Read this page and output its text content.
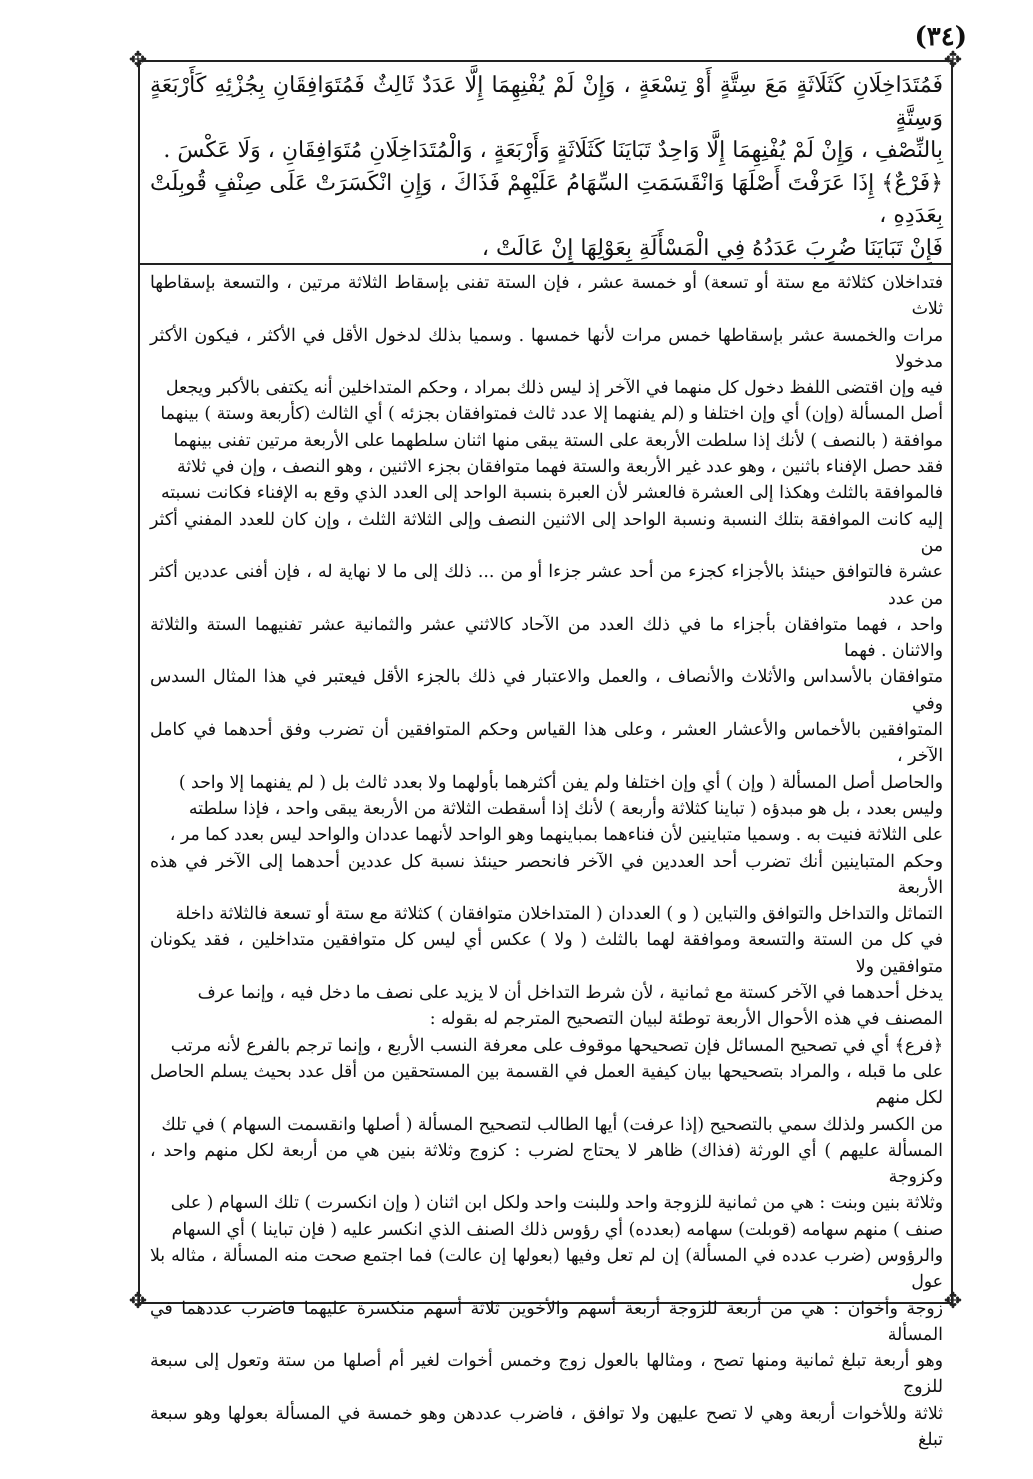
(٣٤)
✥	✥
✥	✥

فَمُتَدَاخِلَانِ كَثَلَاثَةٍ مَعَ سِتَّةٍ أَوْ تِسْعَةٍ ، وَإِنْ لَمْ يُفْنِهِمَا إِلَّا عَدَدٌ ثَالِثٌ فَمُتَوَافِقَانِ بِجُزْئِهِ كَأَرْبَعَةٍ وَسِتَّةٍ

بِالنِّصْفِ ، وَإِنْ لَمْ يُفْنِهِمَا إِلَّا وَاحِدٌ تَبَايَنَا كَثَلَاثَةٍ وَأَرْبَعَةٍ ، وَالْمُتَدَاخِلَانِ مُتَوَافِقَانِ ، وَلَا عَكْسَ .

﴿فَرْعٌ﴾ إِذَا عَرَفْتَ أَصْلَهَا وَانْقَسَمَتِ السِّهَامُ عَلَيْهِمْ فَذَاكَ ، وَإِنِ انْكَسَرَتْ عَلَى صِنْفٍ قُوبِلَتْ بِعَدَدِهِ ،

فَإِنْ تَبَايَنَا ضُرِبَ عَدَدُهُ فِي الْمَسْأَلَةِ بِعَوْلِهَا إِنْ عَالَتْ ،

فتداخلان كثلاثة مع ستة أو تسعة) أو خمسة عشر ، فإن الستة تفنى بإسقاط الثلاثة مرتين ، والتسعة بإسقاطها ثلاث

مرات والخمسة عشر بإسقاطها خمس مرات لأنها خمسها . وسميا بذلك لدخول الأقل في الأكثر ، فيكون الأكثر مدخولا

فيه وإن اقتضى اللفظ دخول كل منهما في الآخر إذ ليس ذلك بمراد ، وحكم المتداخلين أنه يكتفى بالأكبر ويجعل

أصل المسألة (وإن) أي وإن اختلفا و (لم يفنهما إلا عدد ثالث فمتوافقان بجزئه ) أي الثالث (كأربعة وستة ) بينهما

موافقة ( بالنصف ) لأنك إذا سلطت الأربعة على الستة يبقى منها اثنان سلطهما على الأربعة مرتين تفنى بينهما

فقد حصل الإفناء باثنين ، وهو عدد غير الأربعة والستة فهما متوافقان بجزء الاثنين ، وهو النصف ، وإن في ثلاثة

فالموافقة بالثلث وهكذا إلى العشرة فالعشر لأن العبرة بنسبة الواحد إلى العدد الذي وقع به الإفناء فكانت نسبته

إليه كانت الموافقة بتلك النسبة ونسبة الواحد إلى الاثنين النصف وإلى الثلاثة الثلث ، وإن كان للعدد المفني أكثر من

عشرة فالتوافق حينئذ بالأجزاء كجزء من أحد عشر جزءا أو من ... ذلك إلى ما لا نهاية له ، فإن أفنى عددين أكثر من عدد

واحد ، فهما متوافقان بأجزاء ما في ذلك العدد من الآحاد كالاثني عشر والثمانية عشر تفنيهما الستة والثلاثة والاثنان . فهما

متوافقان بالأسداس والأثلاث والأنصاف ، والعمل والاعتبار في ذلك بالجزء الأقل فيعتبر في هذا المثال السدس وفي

المتوافقين بالأخماس والأعشار العشر ، وعلى هذا القياس وحكم المتوافقين أن تضرب وفق أحدهما في كامل الآخر ،

والحاصل أصل المسألة ( وإن ) أي وإن اختلفا ولم يفن أكثرهما بأولهما ولا بعدد ثالث بل ( لم يفنهما إلا واحد )

وليس بعدد ، بل هو مبدؤه ( تباينا كثلاثة وأربعة ) لأنك إذا أسقطت الثلاثة من الأربعة يبقى واحد ، فإذا سلطته

على الثلاثة فنيت به . وسميا متباينين لأن فناءهما بمباينهما وهو الواحد لأنهما عددان والواحد ليس بعدد كما مر ،

وحكم المتباينين أنك تضرب أحد العددين في الآخر فانحصر حينئذ نسبة كل عددين أحدهما إلى الآخر في هذه الأربعة

التماثل والتداخل والتوافق والتباين ( و ) العددان ( المتداخلان متوافقان ) كثلاثة مع ستة أو تسعة فالثلاثة داخلة

في كل من الستة والتسعة وموافقة لهما بالثلث ( ولا ) عكس أي ليس كل متوافقين متداخلين ، فقد يكونان متوافقين ولا

يدخل أحدهما في الآخر كستة مع ثمانية ، لأن شرط التداخل أن لا يزيد على نصف ما دخل فيه ، وإنما عرف

المصنف في هذه الأحوال الأربعة توطئة لبيان التصحيح المترجم له بقوله :

﴿فرع﴾ أي في تصحيح المسائل فإن تصحيحها موقوف على معرفة النسب الأربع ، وإنما ترجم بالفرع لأنه مرتب

على ما قبله ، والمراد بتصحيحها بيان كيفية العمل في القسمة بين المستحقين من أقل عدد بحيث يسلم الحاصل لكل منهم

من الكسر ولذلك سمي بالتصحيح (إذا عرفت) أيها الطالب لتصحيح المسألة ( أصلها وانقسمت السهام ) في تلك

المسألة عليهم ) أي الورثة (فذاك) ظاهر لا يحتاج لضرب : كزوج وثلاثة بنين هي من أربعة لكل منهم واحد ، وكزوجة

وثلاثة بنين وبنت : هي من ثمانية للزوجة واحد وللبنت واحد ولكل ابن اثنان ( وإن انكسرت ) تلك السهام ( على

صنف ) منهم سهامه (قوبلت) سهامه (بعدده) أي رؤوس ذلك الصنف الذي انكسر عليه ( فإن تباينا ) أي السهام

والرؤوس (ضرب عدده في المسألة) إن لم تعل وفيها (بعولها إن عالت) فما اجتمع صحت منه المسألة ، مثاله بلا عول

زوجة وأخوان : هي من أربعة للزوجة أربعة أسهم والأخوين ثلاثة أسهم منكسرة عليهما فاضرب عددهما في المسألة

وهو أربعة تبلغ ثمانية ومنها تصح ، ومثالها بالعول زوج وخمس أخوات لغير أم أصلها من ستة وتعول إلى سبعة للزوج

ثلاثة وللأخوات أربعة وهي لا تصح عليهن ولا توافق ، فاضرب عددهن وهو خمسة في المسألة بعولها وهو سبعة تبلغ
